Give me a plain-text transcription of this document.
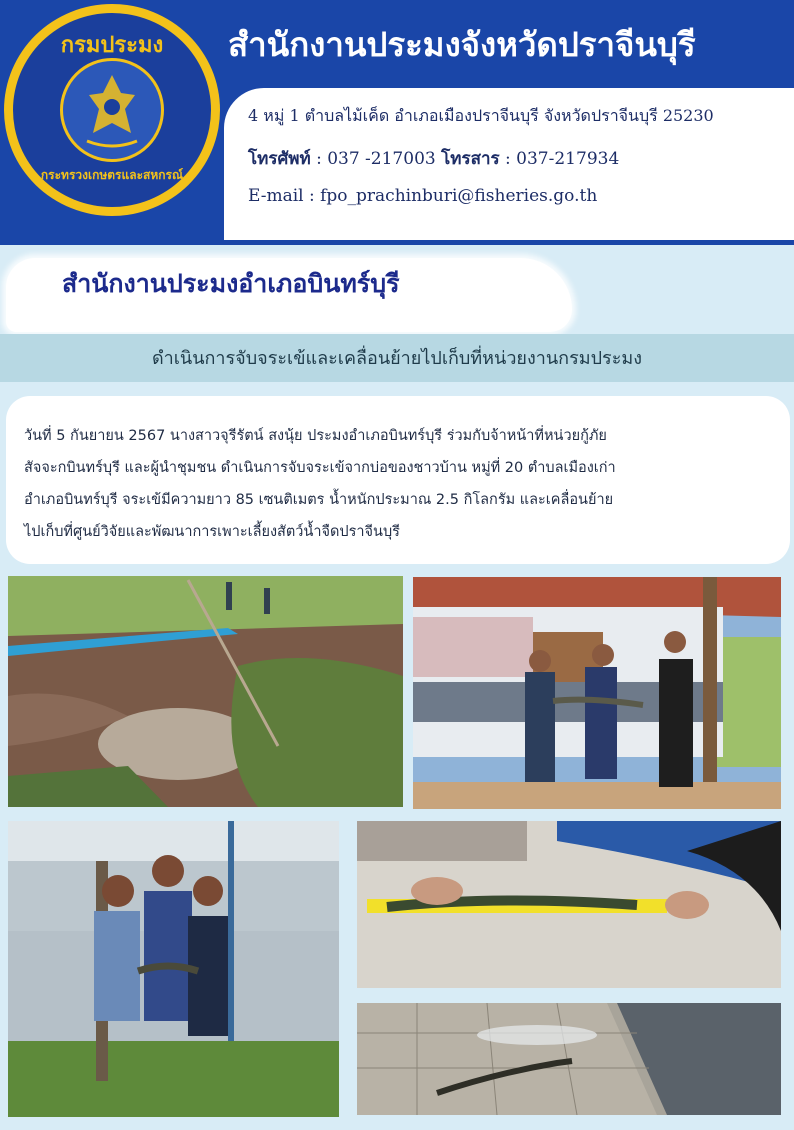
กรมประมง
กระทรวงเกษตรและสหกรณ์
สำนักงานประมงจังหวัดปราจีนบุรี
4 หมู่ 1 ตำบลไม้เค็ด อำเภอเมืองปราจีนบุรี จังหวัดปราจีนบุรี 25230
โทรศัพท์ : 037 -217003 โทรสาร : 037-217934
E-mail : fpo_prachinburi@fisheries.go.th
สำนักงานประมงอำเภอบินทร์บุรี
ดำเนินการจับจระเข้และเคลื่อนย้ายไปเก็บที่หน่วยงานกรมประมง
วันที่ 5 กันยายน 2567 นางสาวจุรีรัตน์ สงนุ้ย ประมงอำเภอบินทร์บุรี ร่วมกับจ้าหน้าที่หน่วยกู้ภัย
สัจจะกบินทร์บุรี และผู้นำชุมชน ดำเนินการจับจระเข้จากบ่อของชาวบ้าน หมู่ที่ 20 ตำบลเมืองเก่า
อำเภอบินทร์บุรี จระเข้มีความยาว 85 เซนติเมตร น้ำหนักประมาณ 2.5 กิโลกรัม และเคลื่อนย้าย
ไปเก็บที่ศูนย์วิจัยและพัฒนาการเพาะเลี้ยงสัตว์น้ำจืดปราจีนบุรี
